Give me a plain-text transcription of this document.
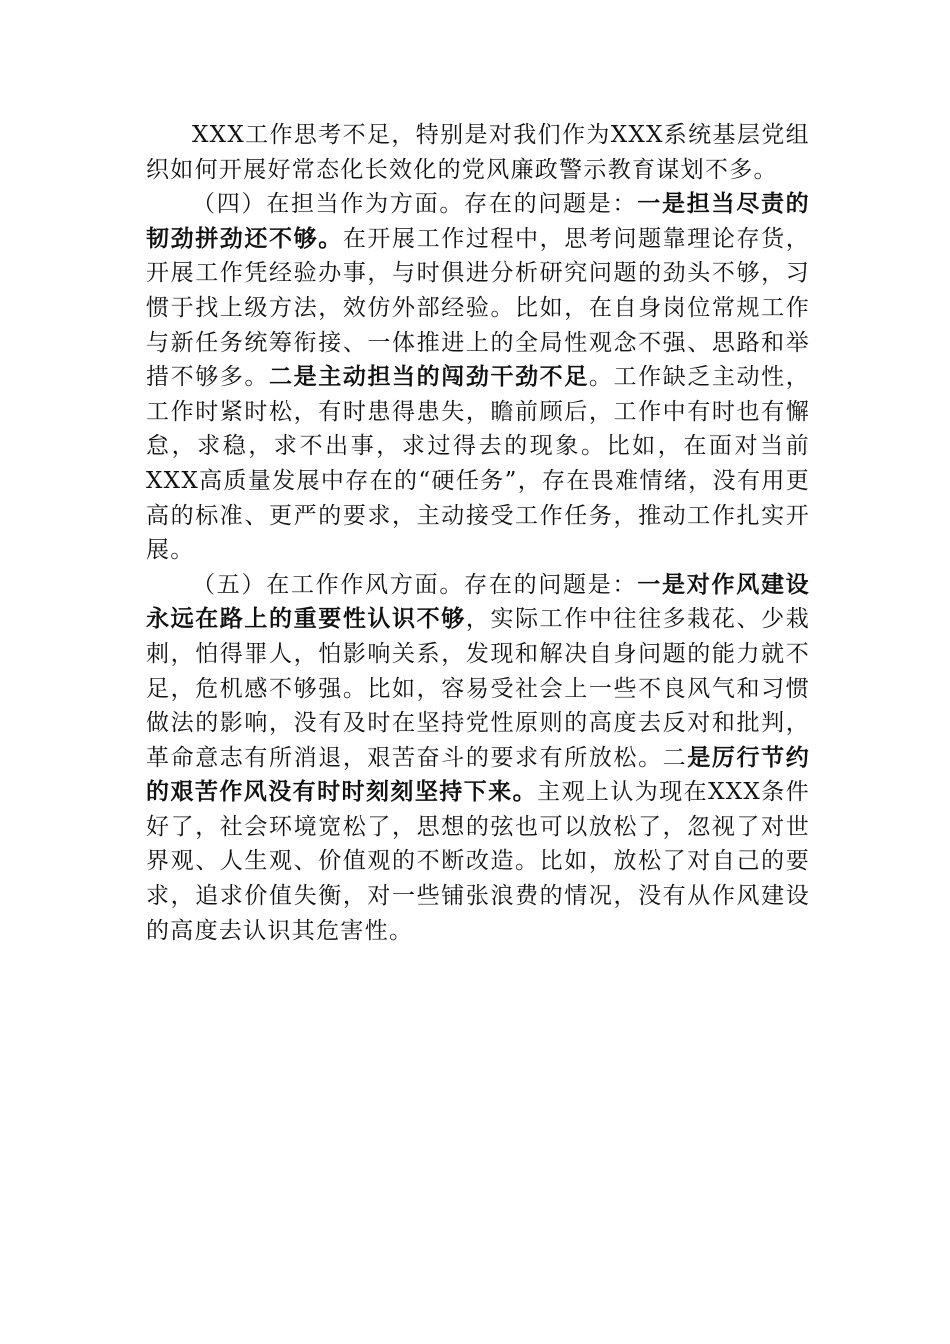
XXX工作思考不足，特别是对我们作为XXX系统基层党组织如何开展好常态化长效化的党风廉政警示教育谋划不多。

（四）在担当作为方面。存在的问题是：一是担当尽责的韧劲拼劲还不够。在开展工作过程中，思考问题靠理论存货，开展工作凭经验办事，与时俱进分析研究问题的劲头不够，习惯于找上级方法，效仿外部经验。比如，在自身岗位常规工作与新任务统筹衔接、一体推进上的全局性观念不强、思路和举措不够多。二是主动担当的闯劲干劲不足。工作缺乏主动性，工作时紧时松，有时患得患失，瞻前顾后，工作中有时也有懈怠，求稳，求不出事，求过得去的现象。比如，在面对当前XXX高质量发展中存在的“硬任务”，存在畏难情绪，没有用更高的标准、更严的要求，主动接受工作任务，推动工作扎实开展。

（五）在工作作风方面。存在的问题是：一是对作风建设永远在路上的重要性认识不够，实际工作中往往多栽花、少栽刺，怕得罪人，怕影响关系，发现和解决自身问题的能力就不足，危机感不够强。比如，容易受社会上一些不良风气和习惯做法的影响，没有及时在坚持党性原则的高度去反对和批判，革命意志有所消退，艰苦奋斗的要求有所放松。二是厉行节约的艰苦作风没有时时刻刻坚持下来。主观上认为现在XXX条件好了，社会环境宽松了，思想的弦也可以放松了，忽视了对世界观、人生观、价值观的不断改造。比如，放松了对自己的要求，追求价值失衡，对一些铺张浪费的情况，没有从作风建设的高度去认识其危害性。
